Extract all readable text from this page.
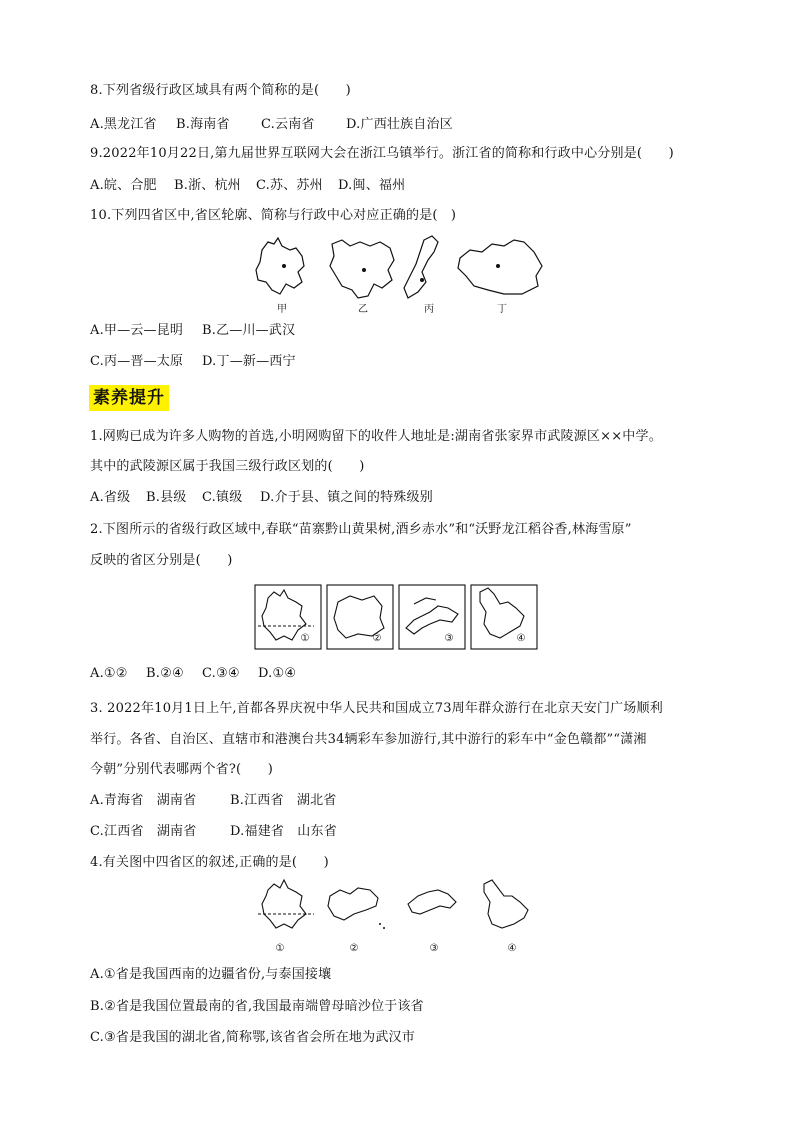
8.下列省级行政区域具有两个简称的是(　　)
A.黑龙江省 B.海南省 C.云南省 D.广西壮族自治区
9.2022年10月22日,第九届世界互联网大会在浙江乌镇举行。浙江省的简称和行政中心分别是(　　)
A.皖、合肥 B.浙、杭州 C.苏、苏州 D.闽、福州
10.下列四省区中,省区轮廓、简称与行政中心对应正确的是(　)
甲	乙	丙	丁
A.甲—云—昆明 B.乙—川—武汉
C.丙—晋—太原 D.丁—新—西宁
素养提升
1.网购已成为许多人购物的首选,小明网购留下的收件人地址是:湖南省张家界市武陵源区××中学。
其中的武陵源区属于我国三级行政区划的(　　)
A.省级 B.县级 C.镇级 D.介于县、镇之间的特殊级别
2.下图所示的省级行政区域中,春联“苗寨黔山黄果树,酒乡赤水”和“沃野龙江稻谷香,林海雪原”
反映的省区分别是(　　)
①	②	③	④
A.①② B.②④ C.③④ D.①④
3. 2022年10月1日上午,首都各界庆祝中华人民共和国成立73周年群众游行在北京天安门广场顺利
举行。各省、自治区、直辖市和港澳台共34辆彩车参加游行,其中游行的彩车中“金色赣都”“潇湘
今朝”分别代表哪两个省?(　　)
A.青海省　湖南省	B.江西省　湖北省
C.江西省　湖南省	D.福建省　山东省
4.有关图中四省区的叙述,正确的是(　　)
①	②	③	④
A.①省是我国西南的边疆省份,与泰国接壤
B.②省是我国位置最南的省,我国最南端曾母暗沙位于该省
C.③省是我国的湖北省,简称鄂,该省省会所在地为武汉市
